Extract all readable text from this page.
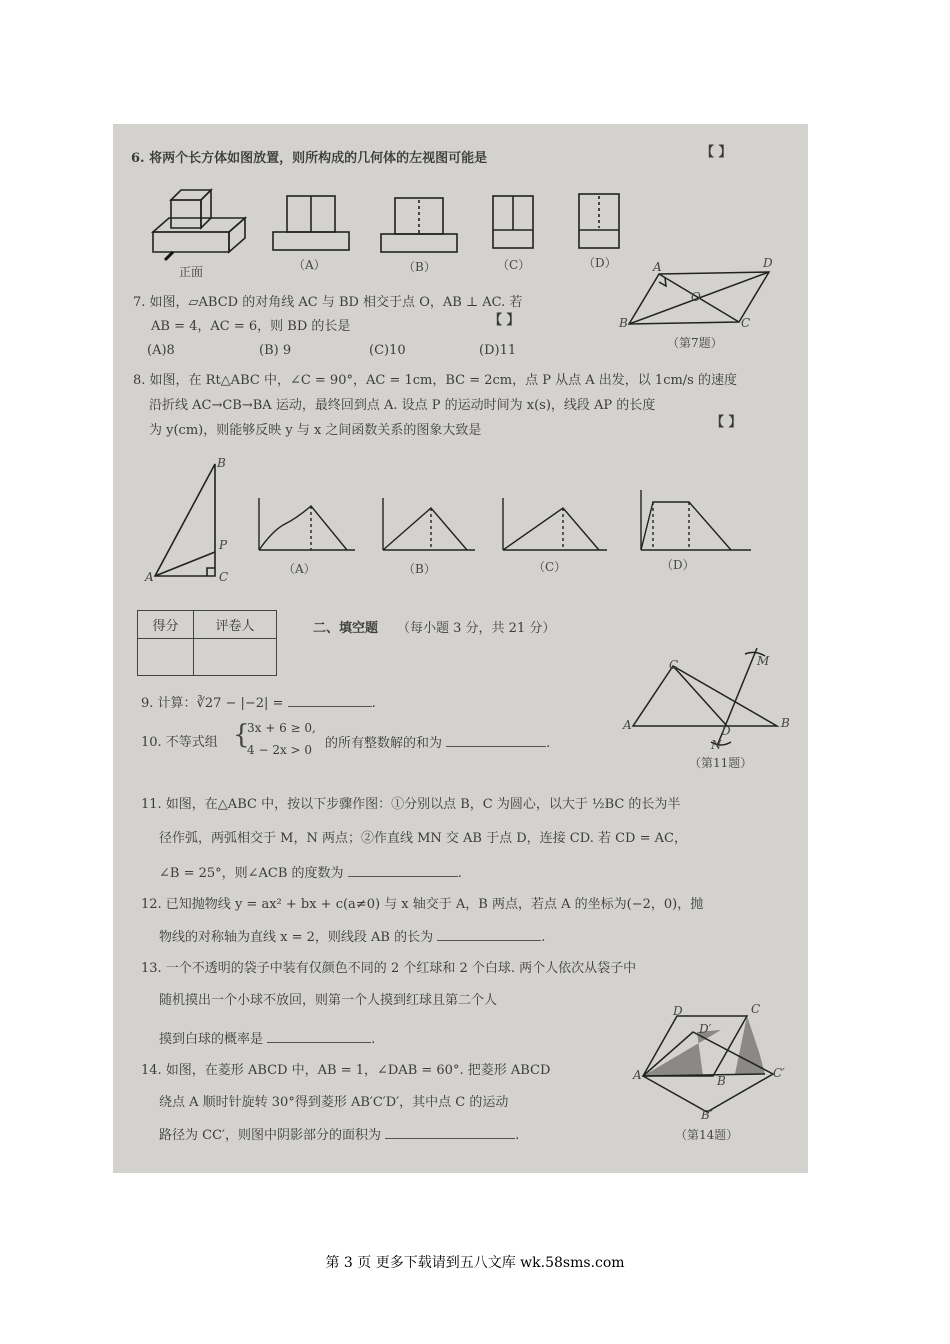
6. 将两个长方体如图放置，则所构成的几何体的左视图可能是	【 】
正面	（A）	（B）	（C）	（D）
7. 如图，▱ABCD 的对角线 AC 与 BD 相交于点 O，AB ⊥ AC. 若
AB = 4，AC = 6，则 BD 的长是	【 】
(A)8	(B) 9	(C)10	(D)11
A	D
B	C
O
（第7题）
8. 如图，在 Rt△ABC 中，∠C = 90°，AC = 1cm，BC = 2cm，点 P 从点 A 出发，以 1cm/s 的速度
沿折线 AC→CB→BA 运动，最终回到点 A. 设点 P 的运动时间为 x(s)，线段 AP 的长度
为 y(cm)，则能够反映 y 与 x 之间函数关系的图象大致是
【 】
B
P
A	C
（A）	（B）	（C）	（D）
得分	评卷人
		二、填空题 （每小题 3 分，共 21 分）
C	M
A	D
B
N
（第11题）
9. 计算：∛27 − |−2| =	.
10. 不等式组 {
3x + 6 ≥ 0,
4 − 2x > 0 的所有整数解的和为	.
11. 如图，在△ABC 中，按以下步骤作图：①分别以点 B，C 为圆心，以大于 ½BC 的长为半
径作弧，两弧相交于 M，N 两点；②作直线 MN 交 AB 于点 D，连接 CD. 若 CD = AC，
∠B = 25°，则∠ACB 的度数为	.
12. 已知抛物线 y = ax² + bx + c(a≠0) 与 x 轴交于 A，B 两点，若点 A 的坐标为(−2，0)，抛
物线的对称轴为直线 x = 2，则线段 AB 的长为	.
13. 一个不透明的袋子中装有仅颜色不同的 2 个红球和 2 个白球. 两个人依次从袋子中
随机摸出一个小球不放回，则第一个人摸到红球且第二个人
摸到白球的概率是	.
14. 如图，在菱形 ABCD 中，AB = 1，∠DAB = 60°. 把菱形 ABCD
绕点 A 顺时针旋转 30°得到菱形 AB′C′D′，其中点 C 的运动
路径为 CC′，则图中阴影部分的面积为	.
D	C
D′
A	B
C′
B′
（第14题）
第 3 页 更多下载请到五八文库 wk.58sms.com
